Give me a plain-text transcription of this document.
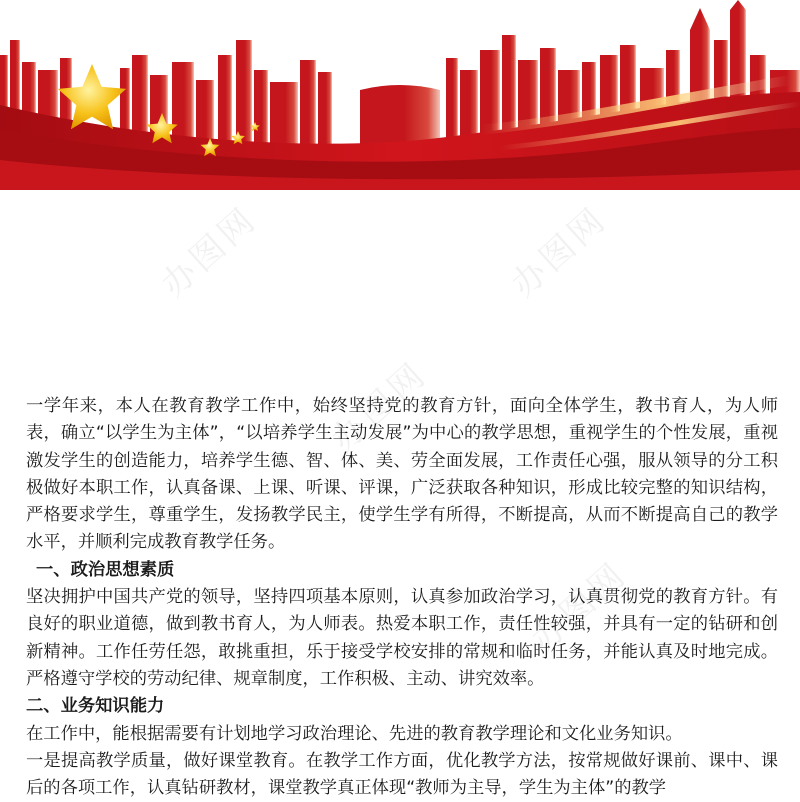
办图网	办图网
办图网
办图网

一学年来，本人在教育教学工作中，始终坚持党的教育方针，面向全体学生，教书育人，为人师表，确立“以学生为主体”，“以培养学生主动发展”为中心的教学思想，重视学生的个性发展，重视激发学生的创造能力，培养学生德、智、体、美、劳全面发展，工作责任心强，服从领导的分工积极做好本职工作，认真备课、上课、听课、评课，广泛获取各种知识，形成比较完整的知识结构，严格要求学生，尊重学生，发扬教学民主，使学生学有所得，不断提高，从而不断提高自己的教学水平，并顺利完成教育教学任务。

一、政治思想素质

坚决拥护中国共产党的领导，坚持四项基本原则，认真参加政治学习，认真贯彻党的教育方针。有良好的职业道德，做到教书育人，为人师表。热爱本职工作，责任性较强，并具有一定的钻研和创新精神。工作任劳任怨，敢挑重担，乐于接受学校安排的常规和临时任务，并能认真及时地完成。严格遵守学校的劳动纪律、规章制度，工作积极、主动、讲究效率。

二、业务知识能力

在工作中，能根据需要有计划地学习政治理论、先进的教育教学理论和文化业务知识。

一是提高教学质量，做好课堂教育。在教学工作方面，优化教学方法，按常规做好课前、课中、课后的各项工作，认真钻研教材，课堂教学真正体现“教师为主导，学生为主体”的教学
